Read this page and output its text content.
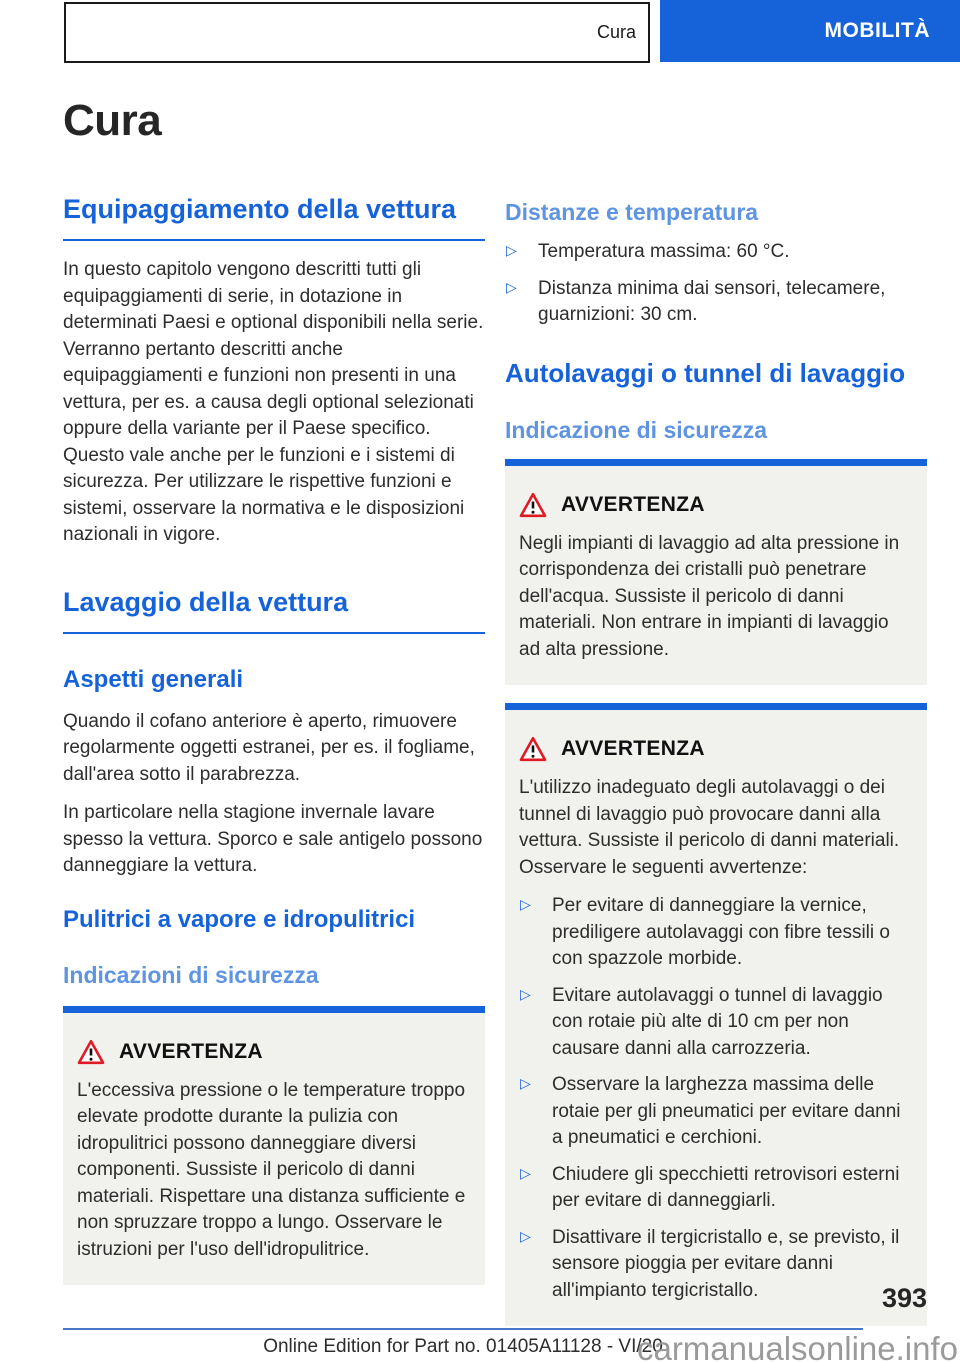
Cura	MOBILITÀ
Cura
Equipaggiamento della vettura

In questo capitolo vengono descritti tutti gli equipaggiamenti di serie, in dotazione in determinati Paesi e optional disponibili nella serie. Verranno pertanto descritti anche equipaggiamenti e funzioni non presenti in una vettura, per es. a causa degli optional selezionati oppure della variante per il Paese specifico. Questo vale anche per le funzioni e i sistemi di sicurezza. Per utilizzare le rispettive funzioni e sistemi, osservare la normativa e le disposizioni nazionali in vigore.

Lavaggio della vettura
Aspetti generali

Quando il cofano anteriore è aperto, rimuovere regolarmente oggetti estranei, per es. il fogliame, dall'area sotto il parabrezza.

In particolare nella stagione invernale lavare spesso la vettura. Sporco e sale antigelo possono danneggiare la vettura.

Pulitrici a vapore e idropulitrici
Indicazioni di sicurezza
AVVERTENZA

L'eccessiva pressione o le temperature troppo elevate prodotte durante la pulizia con idropulitrici possono danneggiare diversi componenti. Sussiste il pericolo di danni materiali. Rispettare una distanza sufficiente e non spruzzare troppo a lungo. Osservare le istruzioni per l'uso dell'idropulitrice.

Distanze e temperatura
▷ Temperatura massima: 60 °C.
▷ Distanza minima dai sensori, telecamere, guarnizioni: 30 cm.
Autolavaggi o tunnel di lavaggio
Indicazione di sicurezza
AVVERTENZA

Negli impianti di lavaggio ad alta pressione in corrispondenza dei cristalli può penetrare dell'acqua. Sussiste il pericolo di danni materiali. Non entrare in impianti di lavaggio ad alta pressione.

AVVERTENZA

L'utilizzo inadeguato degli autolavaggi o dei tunnel di lavaggio può provocare danni alla vettura. Sussiste il pericolo di danni materiali. Osservare le seguenti avvertenze:

▷ Per evitare di danneggiare la vernice, prediligere autolavaggi con fibre tessili o con spazzole morbide.
▷ Evitare autolavaggi o tunnel di lavaggio con rotaie più alte di 10 cm per non causare danni alla carrozzeria.
▷ Osservare la larghezza massima delle rotaie per gli pneumatici per evitare danni a pneumatici e cerchioni.
▷ Chiudere gli specchietti retrovisori esterni per evitare di danneggiarli.
▷ Disattivare il tergicristallo e, se previsto, il sensore pioggia per evitare danni all'impianto tergicristallo.	393
Online Edition for Part no. 01405A11128 - VI/20
carmanualsonline.info
